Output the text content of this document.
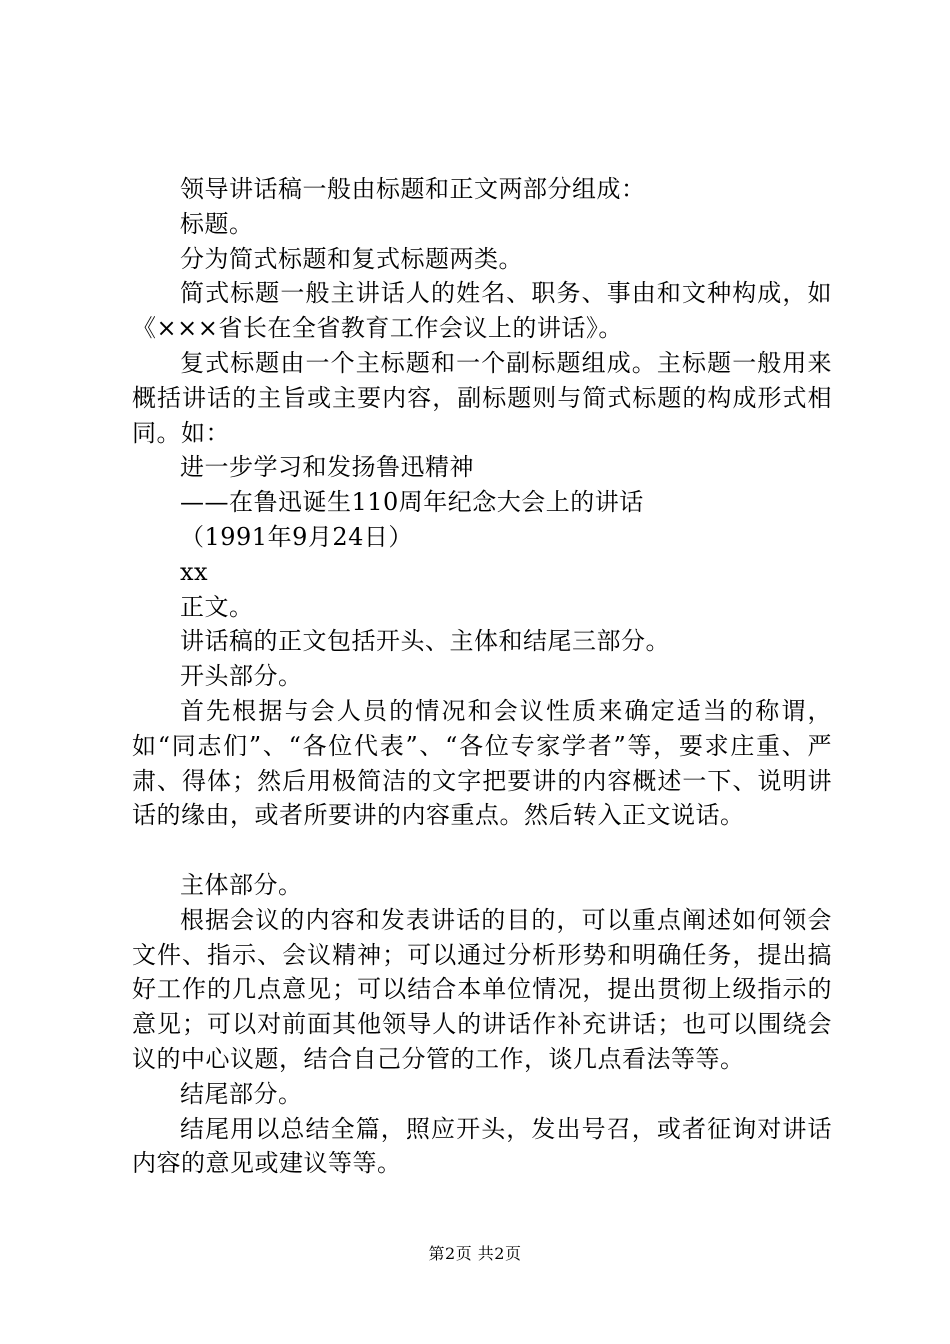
领导讲话稿一般由标题和正文两部分组成：

标题。

分为简式标题和复式标题两类。

简式标题一般主讲话人的姓名、职务、事由和文种构成，如《×××省长在全省教育工作会议上的讲话》。

复式标题由一个主标题和一个副标题组成。主标题一般用来概括讲话的主旨或主要内容，副标题则与简式标题的构成形式相同。如：

进一步学习和发扬鲁迅精神

——在鲁迅诞生110周年纪念大会上的讲话

（1991年9月24日）

xx

正文。

讲话稿的正文包括开头、主体和结尾三部分。

开头部分。

首先根据与会人员的情况和会议性质来确定适当的称谓，如“同志们”、“各位代表”、“各位专家学者”等，要求庄重、严肃、得体；然后用极简洁的文字把要讲的内容概述一下、说明讲话的缘由，或者所要讲的内容重点。然后转入正文说话。

主体部分。

根据会议的内容和发表讲话的目的，可以重点阐述如何领会文件、指示、会议精神；可以通过分析形势和明确任务，提出搞好工作的几点意见；可以结合本单位情况，提出贯彻上级指示的意见；可以对前面其他领导人的讲话作补充讲话；也可以围绕会议的中心议题，结合自己分管的工作，谈几点看法等等。

结尾部分。

结尾用以总结全篇，照应开头，发出号召，或者征询对讲话内容的意见或建议等等。

第2页 共2页
